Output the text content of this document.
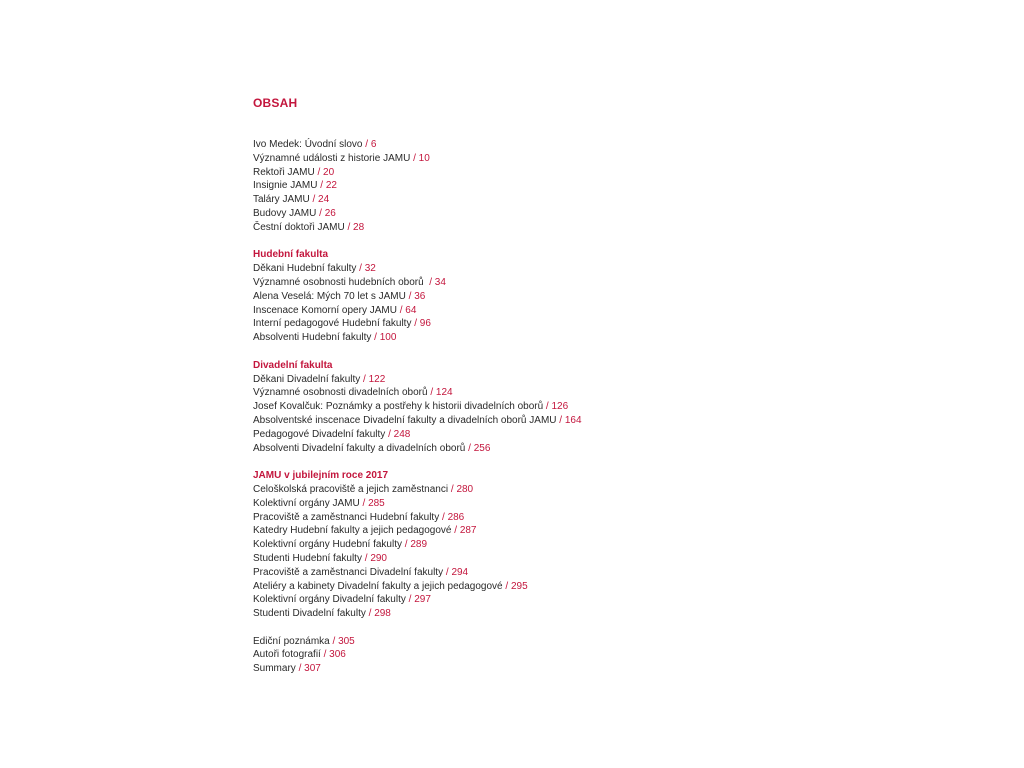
OBSAH
Ivo Medek: Úvodní slovo / 6
Významné události z historie JAMU / 10
Rektoři JAMU / 20
Insignie JAMU / 22
Taláry JAMU / 24
Budovy JAMU / 26
Čestní doktoři JAMU / 28
Hudební fakulta
Děkani Hudební fakulty / 32
Významné osobnosti hudebních oborů  / 34
Alena Veselá: Mých 70 let s JAMU / 36
Inscenace Komorní opery JAMU / 64
Interní pedagogové Hudební fakulty / 96
Absolventi Hudební fakulty / 100
Divadelní fakulta
Děkani Divadelní fakulty / 122
Významné osobnosti divadelních oborů / 124
Josef Kovalčuk: Poznámky a postřehy k historii divadelních oborů / 126
Absolventské inscenace Divadelní fakulty a divadelních oborů JAMU / 164
Pedagogové Divadelní fakulty / 248
Absolventi Divadelní fakulty a divadelních oborů / 256
JAMU v jubilejním roce 2017
Celoškolská pracoviště a jejich zaměstnanci / 280
Kolektivní orgány JAMU / 285
Pracoviště a zaměstnanci Hudební fakulty / 286
Katedry Hudební fakulty a jejich pedagogové / 287
Kolektivní orgány Hudební fakulty / 289
Studenti Hudební fakulty / 290
Pracoviště a zaměstnanci Divadelní fakulty / 294
Ateliéry a kabinety Divadelní fakulty a jejich pedagogové / 295
Kolektivní orgány Divadelní fakulty / 297
Studenti Divadelní fakulty / 298
Ediční poznámka / 305
Autoři fotografií / 306
Summary / 307
